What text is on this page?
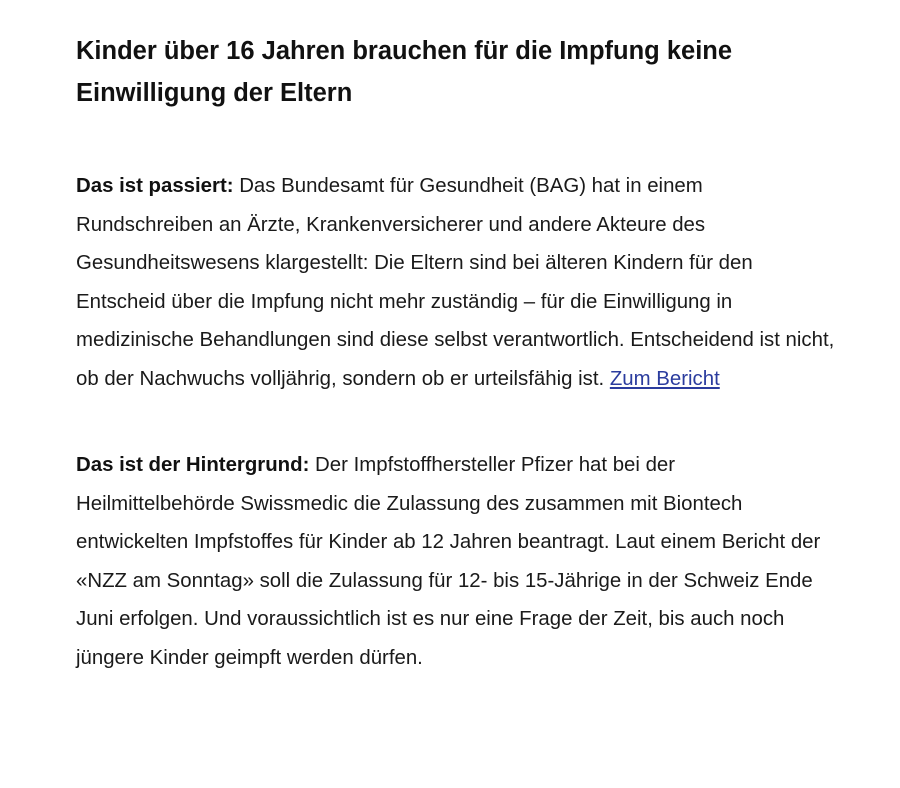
Kinder über 16 Jahren brauchen für die Impfung keine Einwilligung der Eltern

Das ist passiert: Das Bundesamt für Gesundheit (BAG) hat in einem Rundschreiben an Ärzte, Krankenversicherer und andere Akteure des Gesundheitswesens klargestellt: Die Eltern sind bei älteren Kindern für den Entscheid über die Impfung nicht mehr zuständig – für die Einwilligung in medizinische Behandlungen sind diese selbst verantwortlich. Entscheidend ist nicht, ob der Nachwuchs volljährig, sondern ob er urteilsfähig ist. Zum Bericht

Das ist der Hintergrund: Der Impfstoffhersteller Pfizer hat bei der Heilmittelbehörde Swissmedic die Zulassung des zusammen mit Biontech entwickelten Impfstoffes für Kinder ab 12 Jahren beantragt. Laut einem Bericht der «NZZ am Sonntag» soll die Zulassung für 12- bis 15-Jährige in der Schweiz Ende Juni erfolgen. Und voraussichtlich ist es nur eine Frage der Zeit, bis auch noch jüngere Kinder geimpft werden dürfen.
